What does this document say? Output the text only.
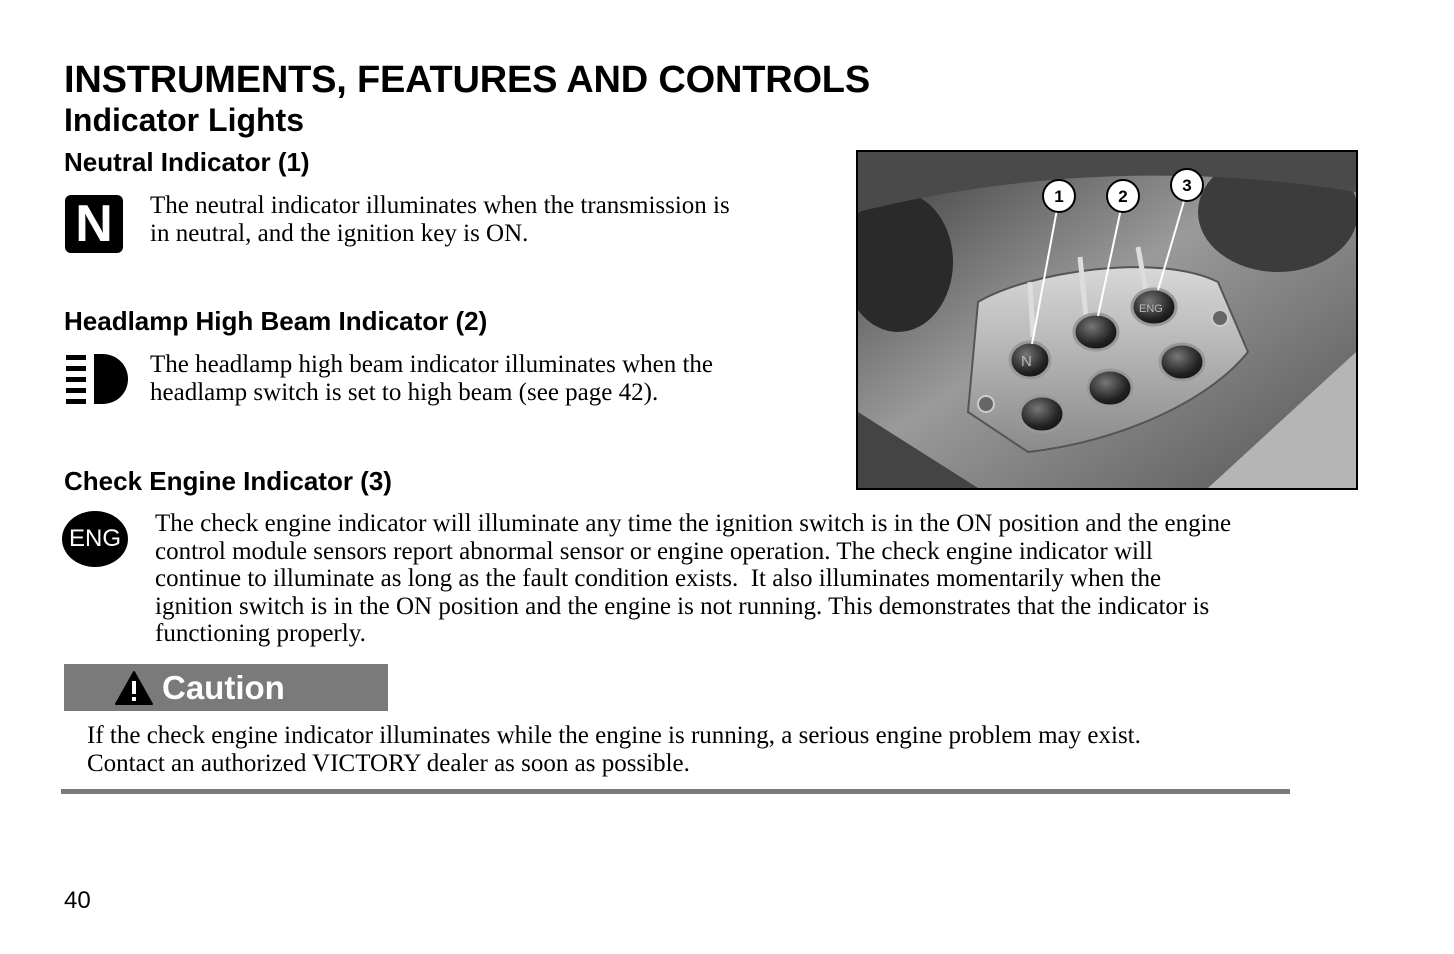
INSTRUMENTS, FEATURES AND CONTROLS
Indicator Lights
Neutral Indicator (1)
N	The neutral indicator illuminates when the transmission is
in neutral, and the ignition key is ON.
Headlamp High Beam Indicator (2)
The headlamp high beam indicator illuminates when the
headlamp switch is set to high beam (see page 42).
N
ENG
1	2
3
Check Engine Indicator (3)
ENG
The check engine indicator will illuminate any time the ignition switch is in the ON position and the engine
control module sensors report abnormal sensor or engine operation. The check engine indicator will
continue to illuminate as long as the fault condition exists.  It also illuminates momentarily when the
ignition switch is in the ON position and the engine is not running. This demonstrates that the indicator is
functioning properly.
Caution
If the check engine indicator illuminates while the engine is running, a serious engine problem may exist.
Contact an authorized VICTORY dealer as soon as possible.
40
